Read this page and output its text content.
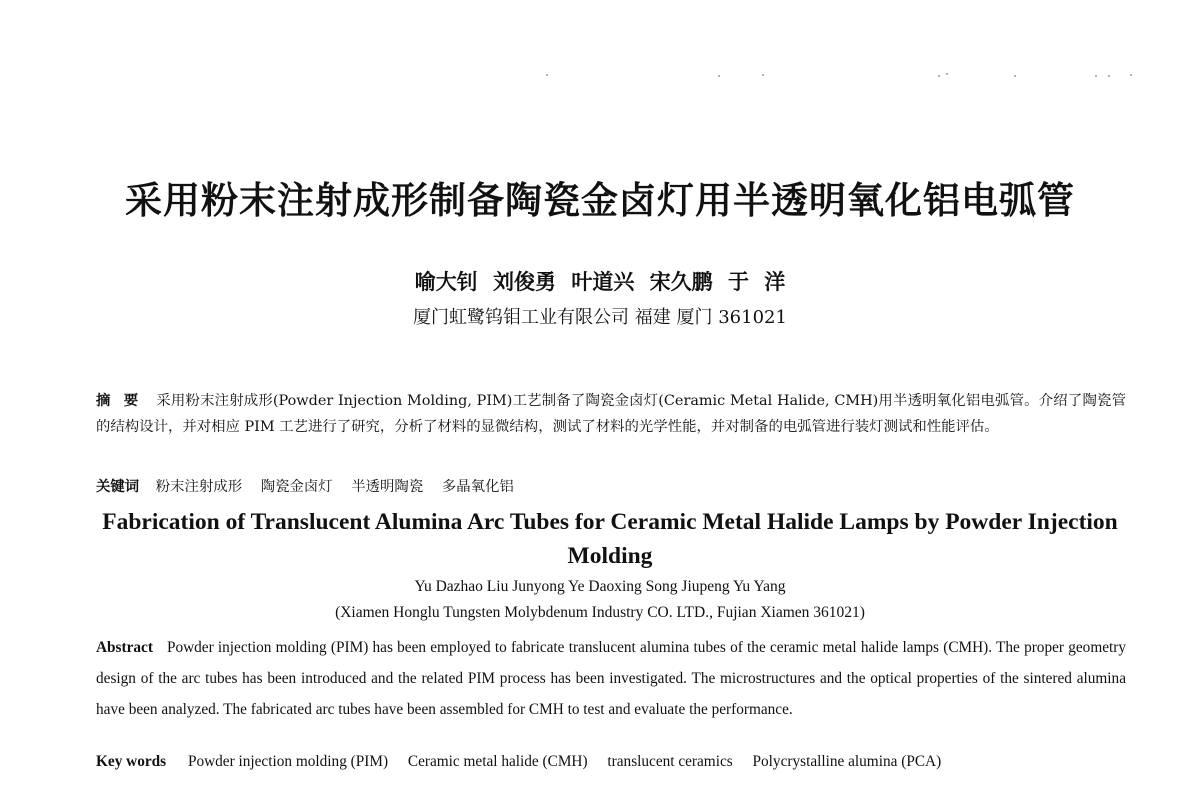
采用粉末注射成形制备陶瓷金卤灯用半透明氧化铝电弧管
喻大钊 刘俊勇 叶道兴 宋久鹏 于 洋
厦门虹鹭钨钼工业有限公司 福建 厦门 361021
摘 要 采用粉末注射成形(Powder Injection Molding, PIM)工艺制备了陶瓷金卤灯(Ceramic Metal Halide, CMH)用半透明氧化铝电弧管。介绍了陶瓷管的结构设计，并对相应 PIM 工艺进行了研究，分析了材料的显微结构，测试了材料的光学性能，并对制备的电弧管进行装灯测试和性能评估。
关键词 粉末注射成形 陶瓷金卤灯 半透明陶瓷 多晶氧化铝
Fabrication of Translucent Alumina Arc Tubes for Ceramic Metal Halide Lamps by Powder Injection Molding
Yu Dazhao Liu Junyong Ye Daoxing Song Jiupeng Yu Yang
(Xiamen Honglu Tungsten Molybdenum Industry CO. LTD., Fujian Xiamen 361021)
Abstract Powder injection molding (PIM) has been employed to fabricate translucent alumina tubes of the ceramic metal halide lamps (CMH). The proper geometry design of the arc tubes has been introduced and the related PIM process has been investigated. The microstructures and the optical properties of the sintered alumina have been analyzed. The fabricated arc tubes have been assembled for CMH to test and evaluate the performance.
Key words Powder injection molding (PIM) Ceramic metal halide (CMH) translucent ceramics Polycrystalline alumina (PCA)
